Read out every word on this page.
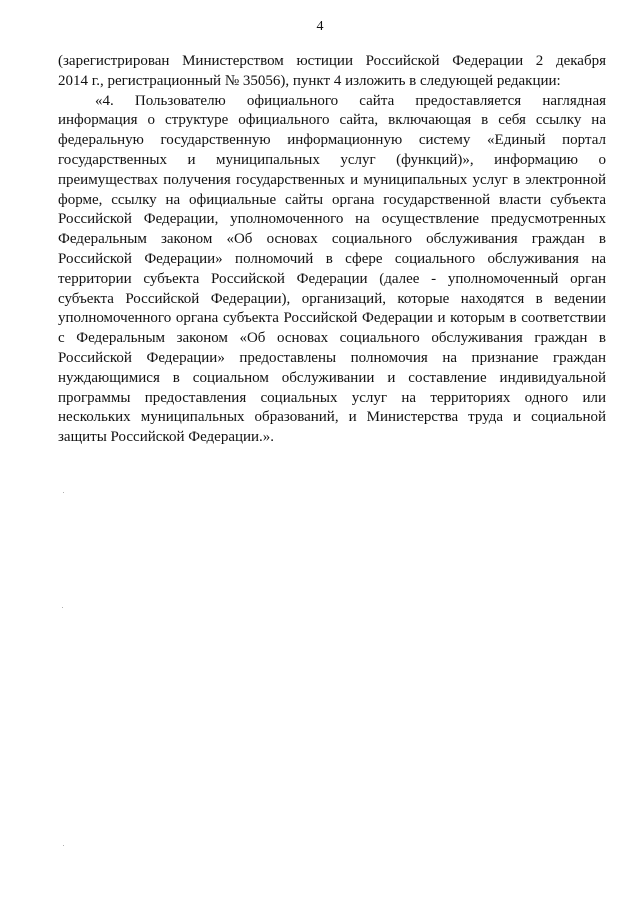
4
(зарегистрирован Министерством юстиции Российской Федерации 2 декабря
2014 г., регистрационный № 35056), пункт 4 изложить в следующей редакции:
«4. Пользователю официального сайта предоставляется наглядная
информация о структуре официального сайта, включающая в себя ссылку на
федеральную государственную информационную систему «Единый портал
государственных и муниципальных услуг (функций)», информацию о
преимуществах получения государственных и муниципальных услуг в электронной
форме, ссылку на официальные сайты органа государственной власти субъекта
Российской Федерации, уполномоченного на осуществление предусмотренных
Федеральным законом «Об основах социального обслуживания граждан в
Российской Федерации» полномочий в сфере социального обслуживания на
территории субъекта Российской Федерации (далее - уполномоченный орган
субъекта Российской Федерации), организаций, которые находятся в ведении
уполномоченного органа субъекта Российской Федерации и которым в соответствии
с Федеральным законом «Об основах социального обслуживания граждан в
Российской Федерации» предоставлены полномочия на признание граждан
нуждающимися в социальном обслуживании и составление индивидуальной
программы предоставления социальных услуг на территориях одного или
нескольких муниципальных образований, и Министерства труда и социальной
защиты Российской Федерации.».
